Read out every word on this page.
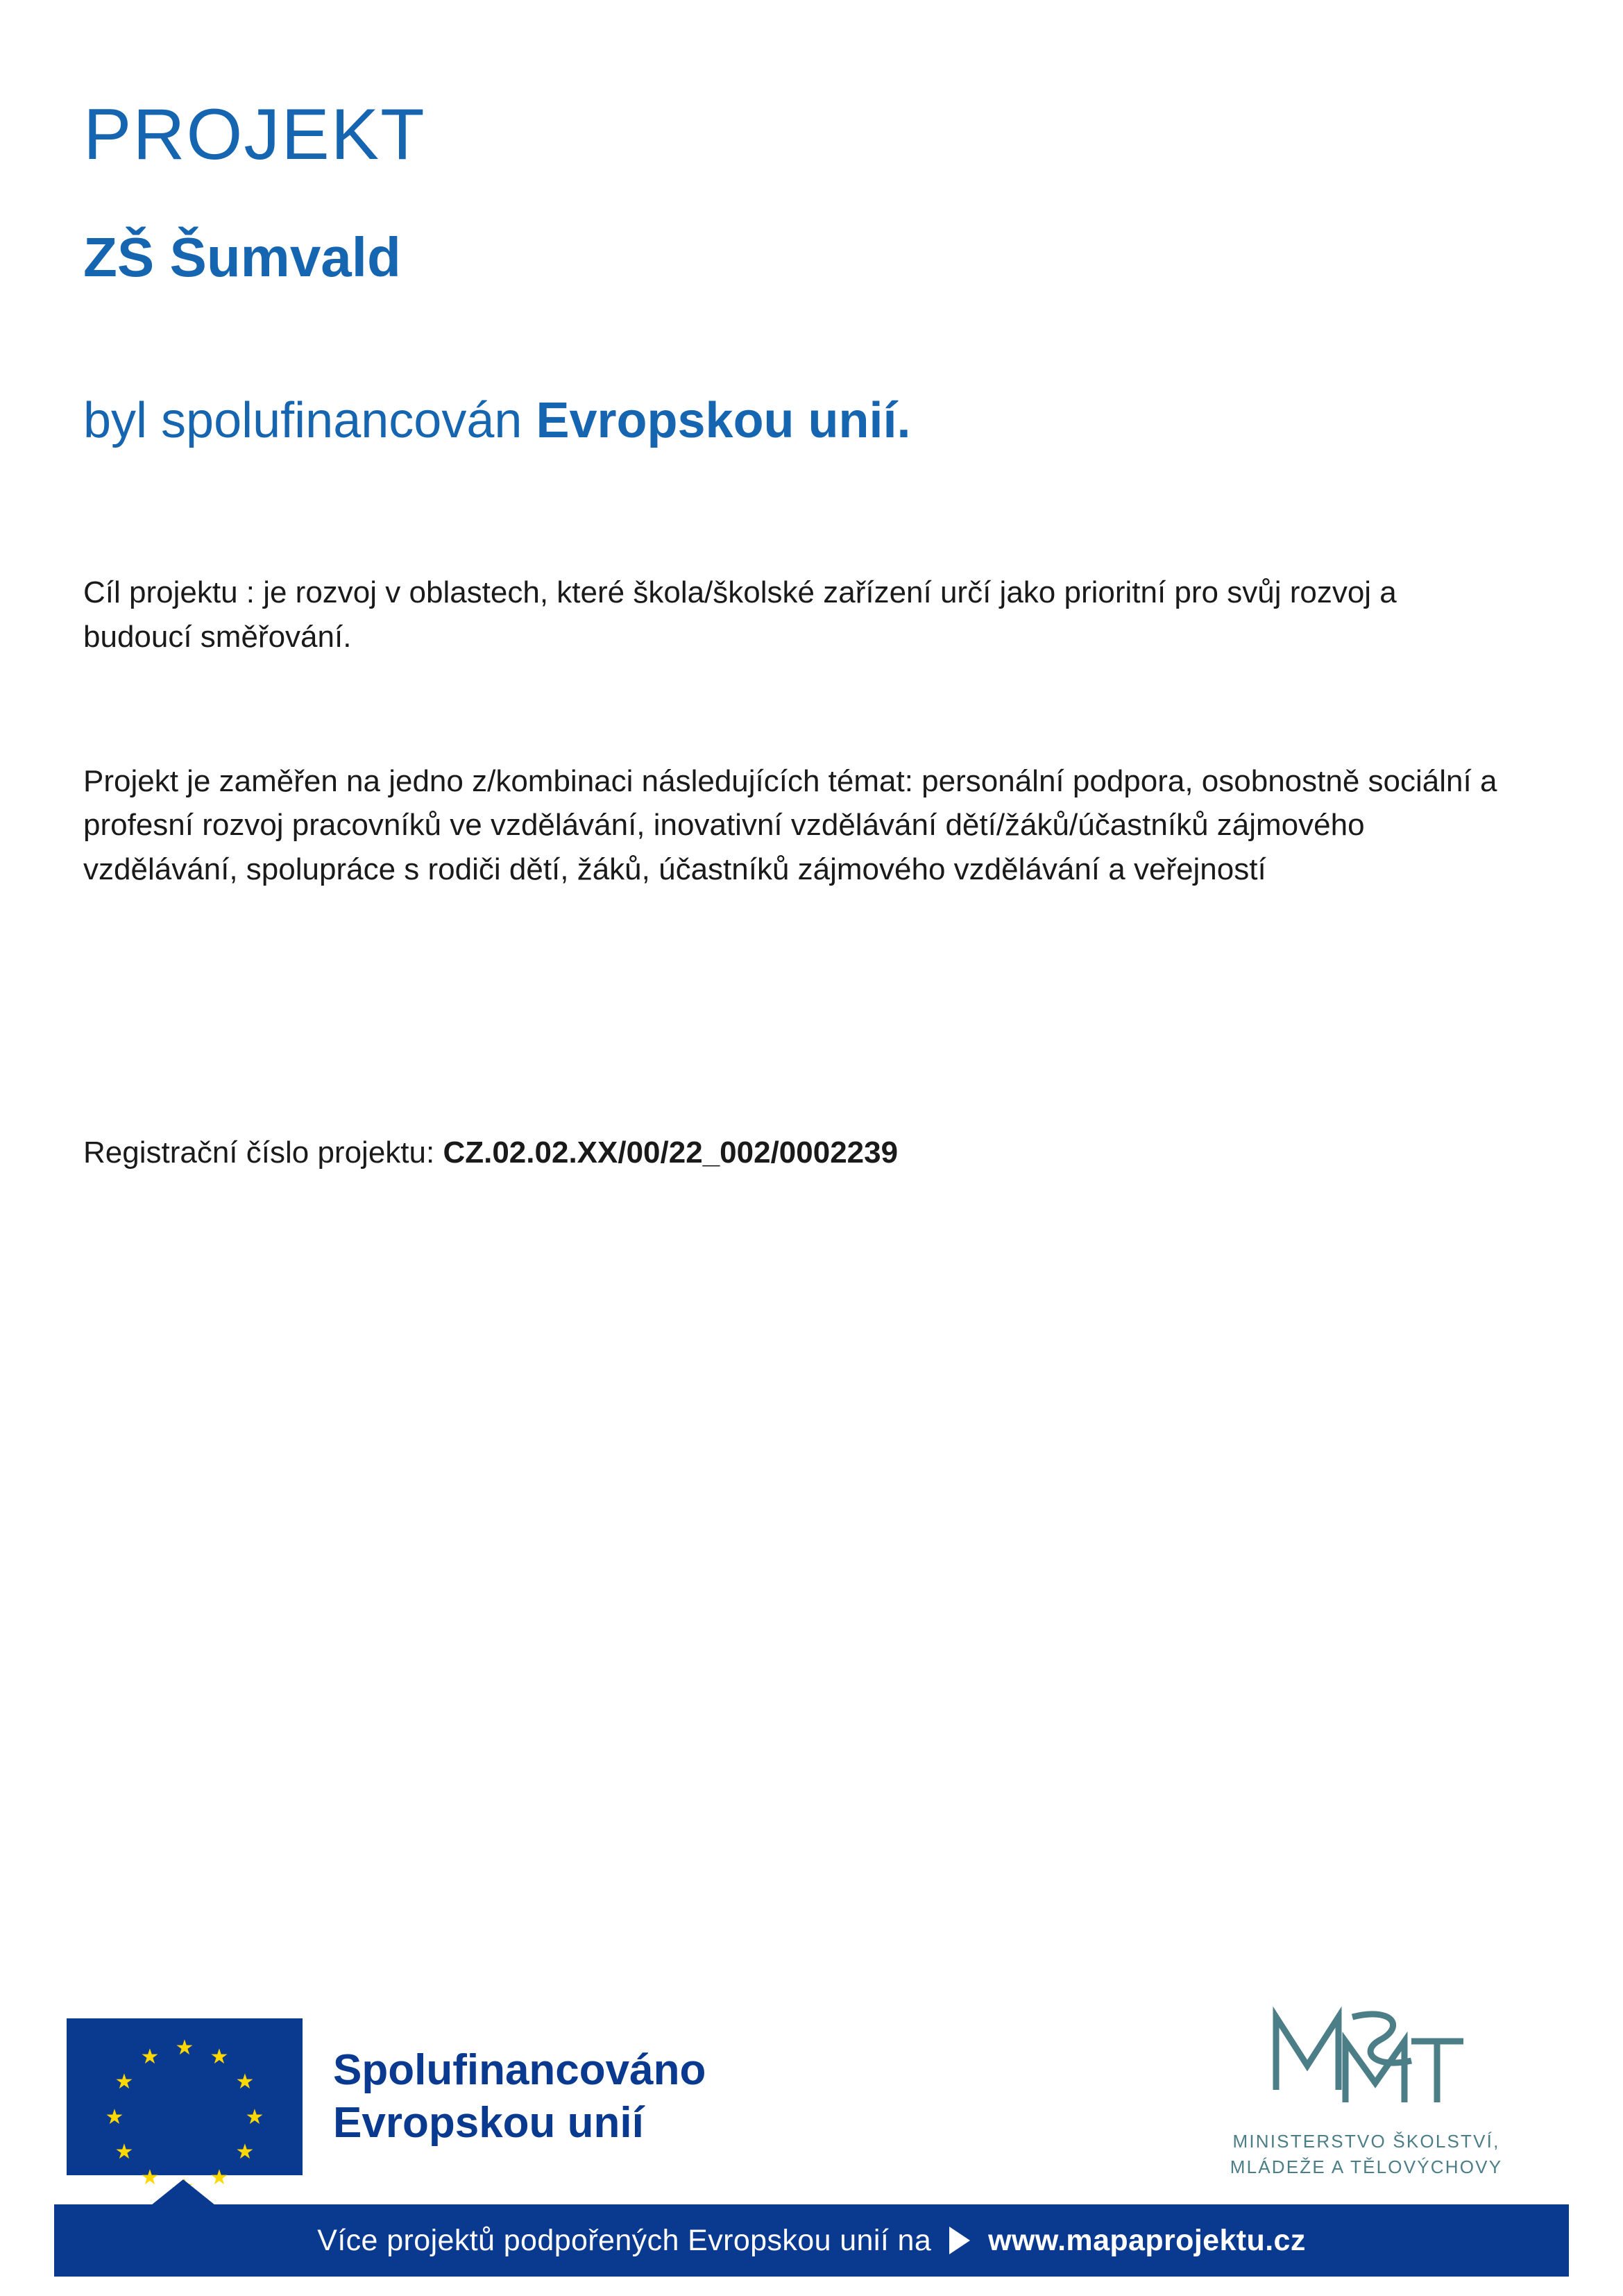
PROJEKT
ZŠ Šumvald

byl spolufinancován Evropskou unií.

Cíl projektu : je rozvoj v oblastech, které škola/školské zařízení určí jako prioritní pro svůj rozvoj a budoucí směřování.

Projekt je zaměřen na jedno z/kombinaci následujících témat: personální podpora, osobnostně sociální a profesní rozvoj pracovníků ve vzdělávání, inovativní vzdělávání dětí/žáků/účastníků zájmového vzdělávání, spolupráce s rodiči dětí, žáků, účastníků zájmového vzdělávání a veřejností

Registrační číslo projektu: CZ.02.02.XX/00/22_002/0002239

★ ★
★
★
★
★
★
★
★
★
★
★	Spolufinancováno
Evropskou unií	MINISTERSTVO ŠKOLSTVÍ,
MLÁDEŽE A TĚLOVÝCHOVY
Více projektů podpořených Evropskou unií na www.mapaprojektu.cz
